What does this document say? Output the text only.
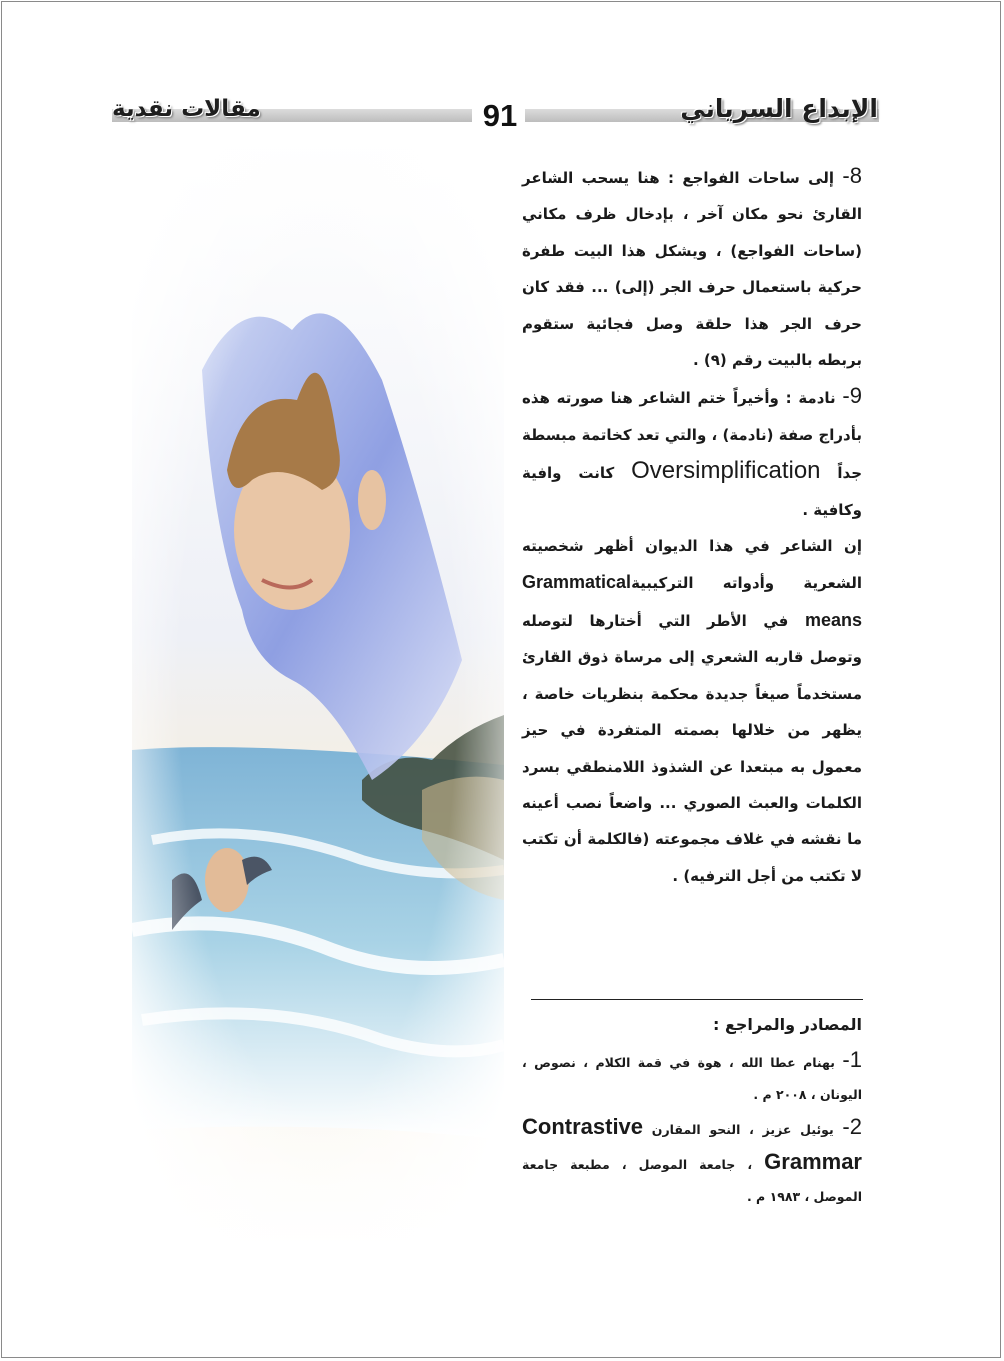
مقالات نقدية	91	الإبداع السرياني

8- إلى ساحات الفواجع : هنا يسحب الشاعر القارئ نحو مكان آخر ، بإدخال ظرف مكاني (ساحات الفواجع) ، ويشكل هذا البيت طفرة حركية باستعمال حرف الجر (إلى) ... فقد كان حرف الجر هذا حلقة وصل فجائية ستقوم بربطه بالبيت رقم (٩) .

9- نادمة : وأخيراً ختم الشاعر هنا صورته هذه بأدراج صفة (نادمة) ، والتي تعد كخاتمة مبسطة جداً Oversimplification كانت وافية وكافية .

إن الشاعر في هذا الديوان أظهر شخصيته الشعرية وأدواته التركيبيةGrammatical means في الأطر التي أختارها لتوصله وتوصل قاربه الشعري إلى مرساة ذوق القارئ مستخدماً صيغاً جديدة محكمة بنظريات خاصة ، يظهر من خلالها بصمته المتفردة في حيز معمول به مبتعدا عن الشذوذ اللامنطقي بسرد الكلمات والعبث الصوري ... واضعاً نصب أعينه ما نقشه في غلاف مجموعته (فالكلمة أن تكتب لا تكتب من أجل الترفيه) .

المصادر والمراجع :

1- بهنام عطا الله ، هوة في قمة الكلام ، نصوص ، اليونان ، ٢٠٠٨ م .

2- يوئيل عزيز ، النحو المقارن Contrastive Grammar ، جامعة الموصل ، مطبعة جامعة الموصل ، ١٩٨٣ م .
